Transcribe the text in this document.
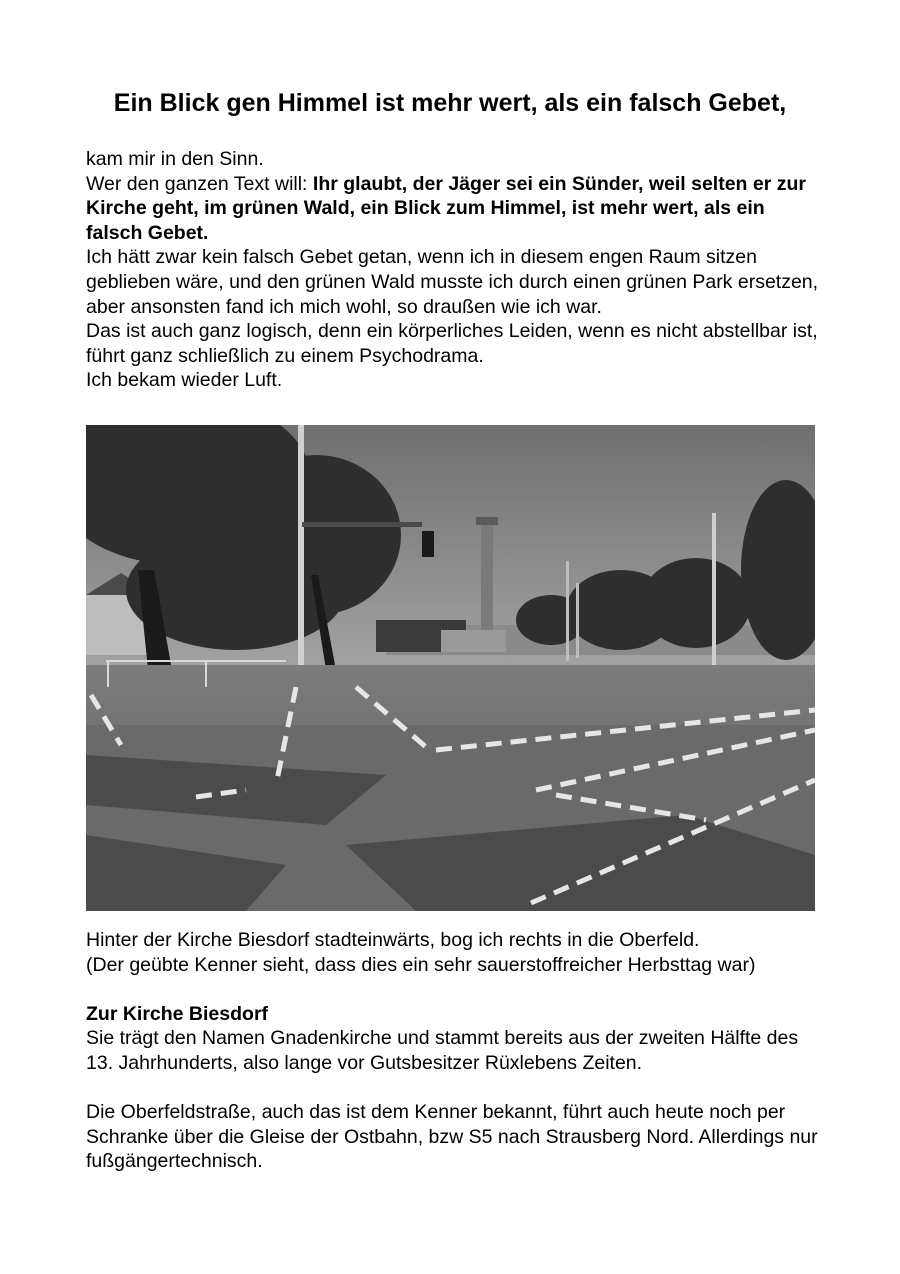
Ein Blick gen Himmel ist mehr wert, als ein falsch Gebet,

kam mir in den Sinn.

Wer den ganzen Text will: Ihr glaubt, der Jäger sei ein Sünder, weil selten er zur Kirche geht, im grünen Wald, ein Blick zum Himmel, ist mehr wert, als ein falsch Gebet.

Ich hätt zwar kein falsch Gebet getan, wenn ich in diesem engen Raum sitzen geblieben wäre, und den grünen Wald musste ich durch einen grünen Park ersetzen, aber ansonsten fand ich mich wohl, so draußen wie ich war.

Das ist auch ganz logisch, denn ein körperliches Leiden, wenn es nicht abstellbar ist, führt ganz schließlich zu einem Psychodrama.

Ich bekam wieder Luft.

Hinter der Kirche Biesdorf stadteinwärts, bog ich rechts in die Oberfeld.

(Der geübte Kenner sieht, dass dies ein sehr sauerstoffreicher Herbsttag war)

Zur Kirche Biesdorf

Sie trägt den Namen Gnadenkirche und stammt bereits aus der zweiten Hälfte des 13. Jahrhunderts, also lange vor Gutsbesitzer Rüxlebens Zeiten.

Die Oberfeldstraße, auch das ist dem Kenner bekannt, führt auch heute noch per Schranke über die Gleise der Ostbahn, bzw S5 nach Strausberg Nord. Allerdings nur fußgängertechnisch.
